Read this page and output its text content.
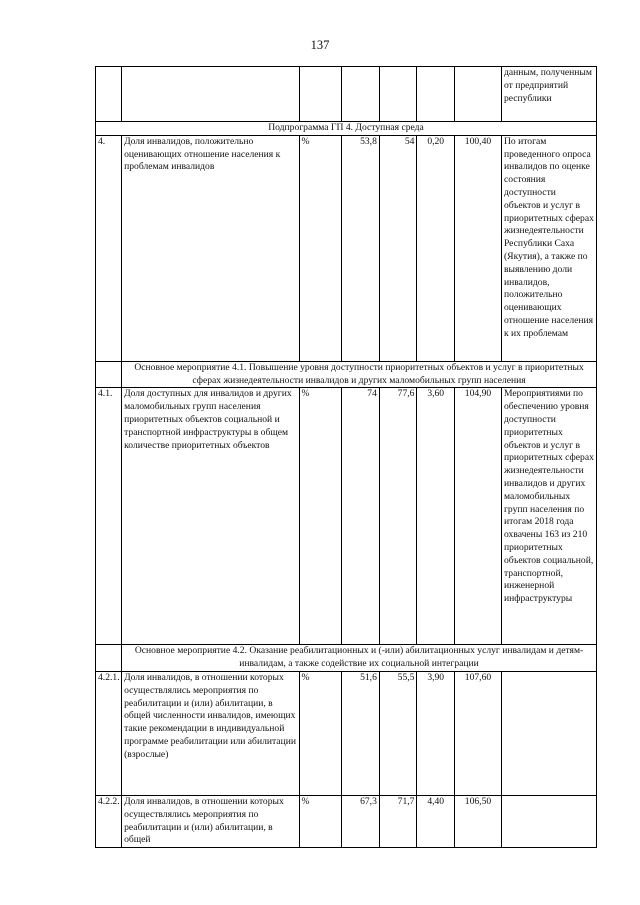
137
							данным, полученным от предприятий республики
Подпрограмма ГП 4. Доступная среда							
4.	Доля инвалидов, положительно оценивающих отношение населения к проблемам инвалидов	%	53,8	54	0,20	100,40	По итогам проведенного опроса инвалидов по оценке состояния доступности объектов и услуг в приоритетных сферах жизнедеятельности Республики Саха (Якутия), а также по выявлению доли инвалидов, положительно оценивающих отношение населения к их проблемам
	Основное мероприятие 4.1. Повышение уровня доступности приоритетных объектов и услуг в приоритетных сферах жизнедеятельности инвалидов и других маломобильных групп населения						
4.1.	Доля доступных для инвалидов и других маломобильных групп населения приоритетных объектов социальной и транспортной инфраструктуры в общем количестве приоритетных объектов	%	74	77,6	3,60	104,90	Мероприятиями по обеспечению уровня доступности приоритетных объектов и услуг в приоритетных сферах жизнедеятельности инвалидов и других маломобильных групп населения по итогам 2018 года охвачены 163 из 210 приоритетных объектов социальной, транспортной, инженерной инфраструктуры
	Основное мероприятие 4.2. Оказание реабилитационных и (-или) абилитационных услуг инвалидам и детям-инвалидам, а также содействие их социальной интеграции						
4.2.1.	Доля инвалидов, в отношении которых осуществлялись мероприятия по реабилитации и (или) абилитации, в общей численности инвалидов, имеющих такие рекомендации в индивидуальной программе реабилитации или абилитации (взрослые)	%	51,6	55,5	3,90	107,60	
4.2.2.	Доля инвалидов, в отношении которых осуществлялись мероприятия по реабилитации и (или) абилитации, в общей	%	67,3	71,7	4,40	106,50	
